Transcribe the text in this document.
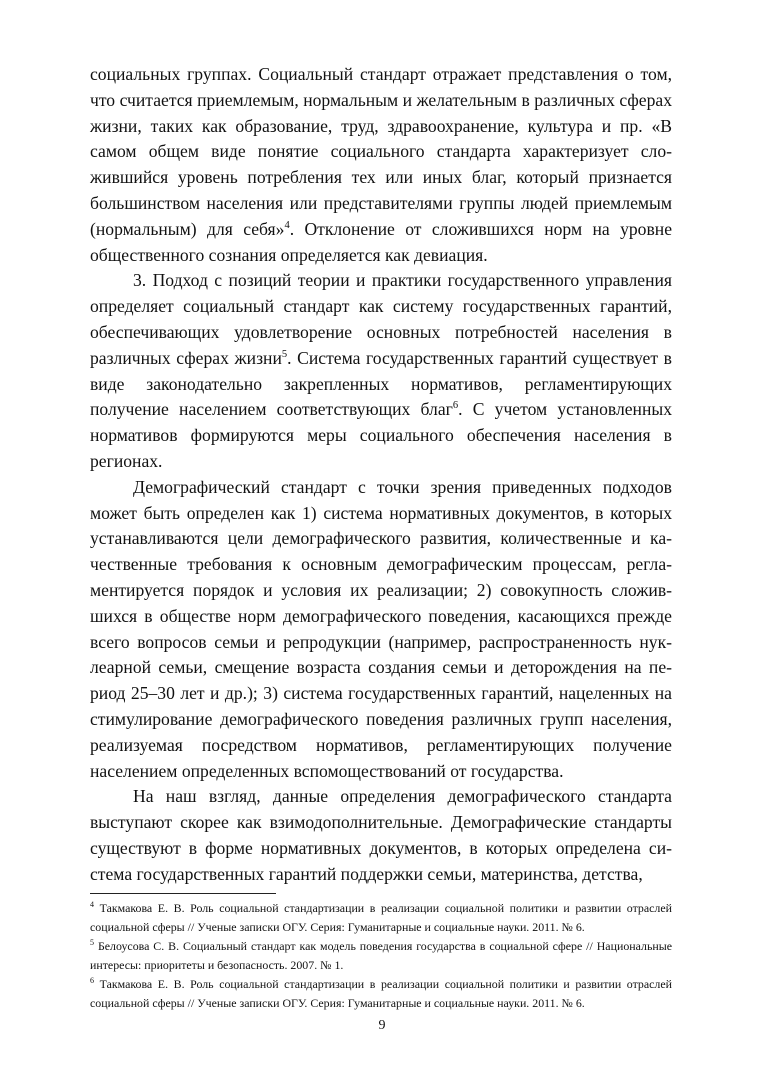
социальных группах. Социальный стандарт отражает представления о том, что считается приемлемым, нормальным и желательным в различных сферах жизни, таких как образование, труд, здравоохранение, культура и пр. «В самом общем виде понятие социального стандарта характеризует сложившийся уровень потребления тех или иных благ, который признается большинством населения или представителями группы людей приемлемым (нормальным) для себя»$^4$. Отклонение от сложившихся норм на уровне общественного сознания определяется как девиация.

3. Подход с позиций теории и практики государственного управления определяет социальный стандарт как систему государственных гарантий, обеспечивающих удовлетворение основных потребностей населения в различных сферах жизни$^5$. Система государственных гарантий существует в виде законодательно закрепленных нормативов, регламентирующих получение населением соответствующих благ$^6$. С учетом установленных нормативов формируются меры социального обеспечения населения в регионах.

Демографический стандарт с точки зрения приведенных подходов может быть определен как 1) система нормативных документов, в которых устанавливаются цели демографического развития, количественные и качественные требования к основным демографическим процессам, регламентируется порядок и условия их реализации; 2) совокупность сложившихся в обществе норм демографического поведения, касающихся прежде всего вопросов семьи и репродукции (например, распространенность нуклеарной семьи, смещение возраста создания семьи и деторождения на период 25–30 лет и др.); 3) система государственных гарантий, нацеленных на стимулирование демографического поведения различных групп населения, реализуемая посредством нормативов, регламентирующих получение населением определенных вспомоществований от государства.

На наш взгляд, данные определения демографического стандарта выступают скорее как взимодополнительные. Демографические стандарты существуют в форме нормативных документов, в которых определена система государственных гарантий поддержки семьи, материнства, детства,

$^4$ Такмакова Е. В. Роль социальной стандартизации в реализации социальной политики и развитии отраслей социальной сферы // Ученые записки ОГУ. Серия: Гуманитарные и социальные науки. 2011. № 6.

$^5$ Белоусова С. В. Социальный стандарт как модель поведения государства в социальной сфере // Национальные интересы: приоритеты и безопасность. 2007. № 1.

$^6$ Такмакова Е. В. Роль социальной стандартизации в реализации социальной политики и развитии отраслей социальной сферы // Ученые записки ОГУ. Серия: Гуманитарные и социальные науки. 2011. № 6.

9
